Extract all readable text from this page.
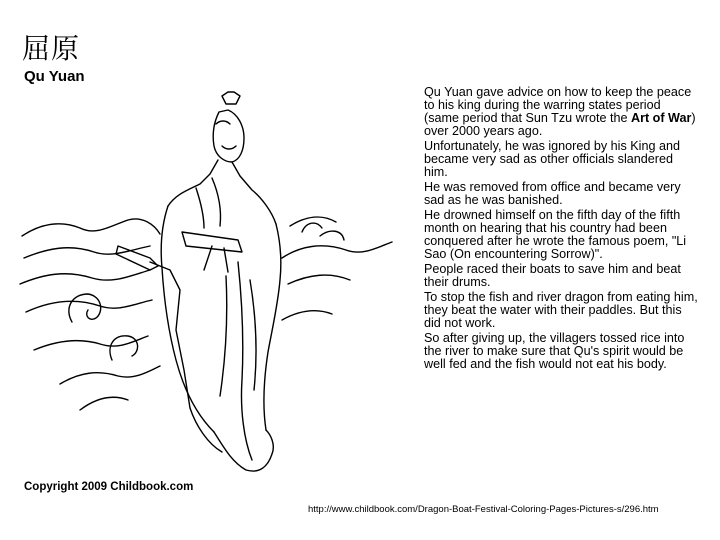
屈原
Qu Yuan

Qu Yuan gave advice on how to keep the peace to his king during the warring states period (same period that Sun Tzu wrote the Art of War) over 2000 years ago.

Unfortunately, he was ignored by his King and became very sad as other officials slandered him.

He was removed from office and became very sad as he was banished.

He drowned himself on the fifth day of the fifth month on hearing that his country had been conquered after he wrote the famous poem, "Li Sao (On encountering Sorrow)".

People raced their boats to save him and beat their drums.

To stop the fish and river dragon from eating him, they beat the water with their paddles. But this did not work.

So after giving up, the villagers tossed rice into the river to make sure that Qu's spirit would be well fed and the fish would not eat his body.

Copyright 2009 Childbook.com
http://www.childbook.com/Dragon-Boat-Festival-Coloring-Pages-Pictures-s/296.htm
